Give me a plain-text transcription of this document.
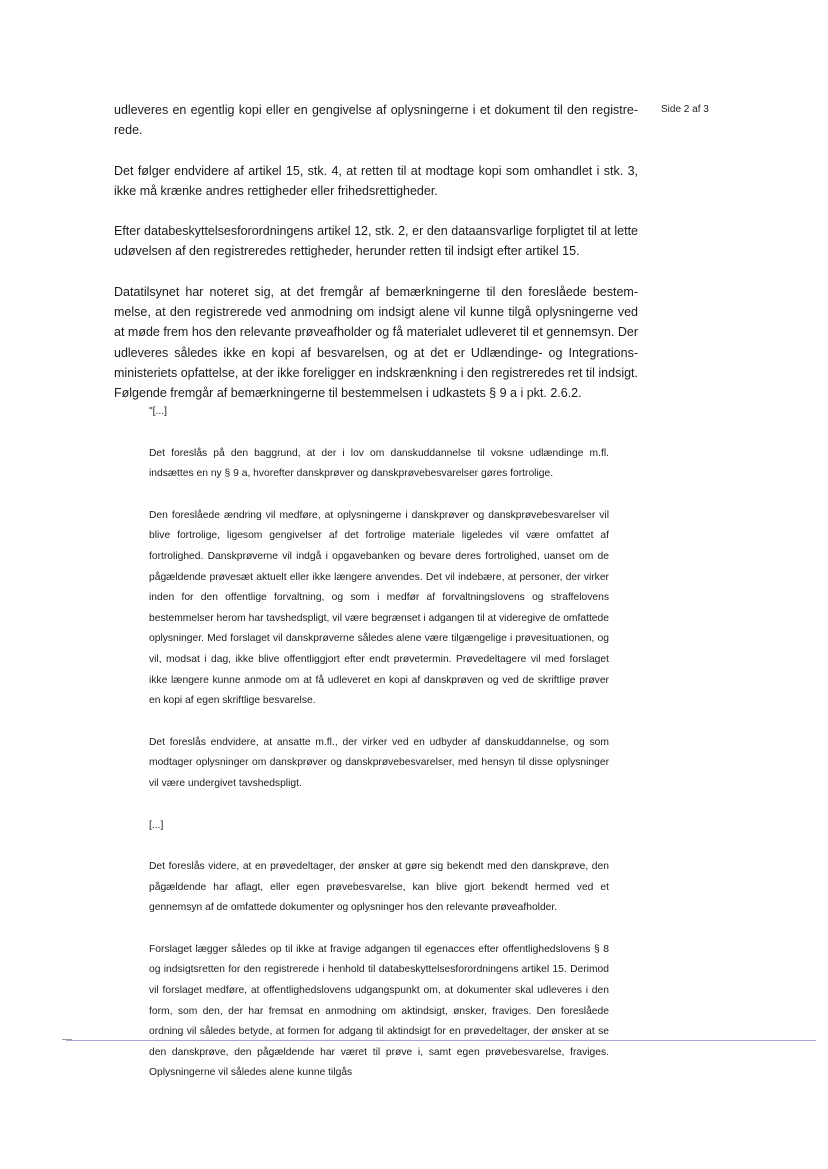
Side 2 af 3

udleveres en egentlig kopi eller en gengivelse af oplysningerne i et dokument til den registrerede.

Det følger endvidere af artikel 15, stk. 4, at retten til at modtage kopi som omhandlet i stk. 3, ikke må krænke andres rettigheder eller frihedsrettigheder.

Efter databeskyttelsesforordningens artikel 12, stk. 2, er den dataansvarlige forpligtet til at lette udøvelsen af den registreredes rettigheder, herunder retten til indsigt efter artikel 15.

Datatilsynet har noteret sig, at det fremgår af bemærkningerne til den foreslåede bestemmelse, at den registrerede ved anmodning om indsigt alene vil kunne tilgå oplysningerne ved at møde frem hos den relevante prøveafholder og få materialet udleveret til et gennemsyn. Der udleveres således ikke en kopi af besvarelsen, og at det er Udlændinge- og Integrationsministeriets opfattelse, at der ikke foreligger en indskrænkning i den registreredes ret til indsigt. Følgende fremgår af bemærkningerne til bestemmelsen i udkastets § 9 a i pkt. 2.6.2.

"[...]

Det foreslås på den baggrund, at der i lov om danskuddannelse til voksne udlændinge m.fl. indsættes en ny § 9 a, hvorefter danskprøver og danskprøvebesvarelser gøres fortrolige.

Den foreslåede ændring vil medføre, at oplysningerne i danskprøver og danskprøvebesvarelser vil blive fortrolige, ligesom gengivelser af det fortrolige materiale ligeledes vil være omfattet af fortrolighed. Danskprøverne vil indgå i opgavebanken og bevare deres fortrolighed, uanset om de pågældende prøvesæt aktuelt eller ikke længere anvendes. Det vil indebære, at personer, der virker inden for den offentlige forvaltning, og som i medfør af forvaltningslovens og straffelovens bestemmelser herom har tavshedspligt, vil være begrænset i adgangen til at videregive de omfattede oplysninger. Med forslaget vil danskprøverne således alene være tilgængelige i prøvesituationen, og vil, modsat i dag, ikke blive offentliggjort efter endt prøvetermin. Prøvedeltagere vil med forslaget ikke længere kunne anmode om at få udleveret en kopi af danskprøven og ved de skriftlige prøver en kopi af egen skriftlige besvarelse.

Det foreslås endvidere, at ansatte m.fl., der virker ved en udbyder af danskuddannelse, og som modtager oplysninger om danskprøver og danskprøvebesvarelser, med hensyn til disse oplysninger vil være undergivet tavshedspligt.

[...]

Det foreslås videre, at en prøvedeltager, der ønsker at gøre sig bekendt med den danskprøve, den pågældende har aflagt, eller egen prøvebesvarelse, kan blive gjort bekendt hermed ved et gennemsyn af de omfattede dokumenter og oplysninger hos den relevante prøveafholder.

Forslaget lægger således op til ikke at fravige adgangen til egenacces efter offentlighedslovens § 8 og indsigtsretten for den registrerede i henhold til databeskyttelsesforordningens artikel 15. Derimod vil forslaget medføre, at offentlighedslovens udgangspunkt om, at dokumenter skal udleveres i den form, som den, der har fremsat en anmodning om aktindsigt, ønsker, fraviges. Den foreslåede ordning vil således betyde, at formen for adgang til aktindsigt for en prøvedeltager, der ønsker at se den danskprøve, den pågældende har været til prøve i, samt egen prøvebesvarelse, fraviges. Oplysningerne vil således alene kunne tilgås
